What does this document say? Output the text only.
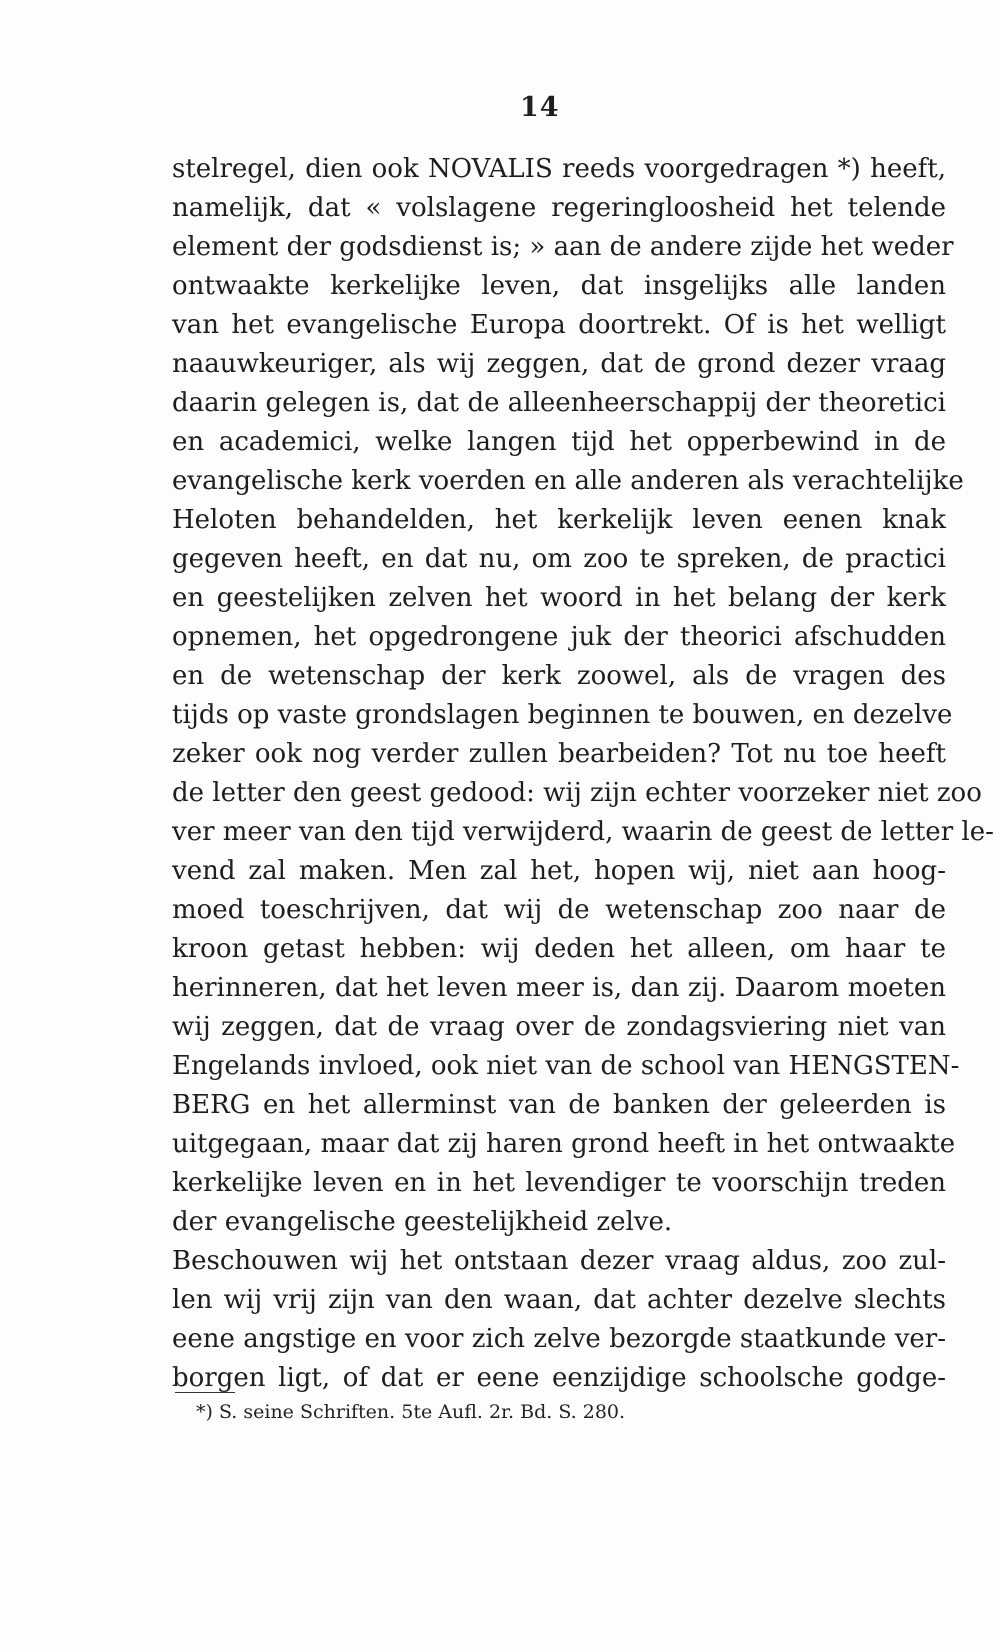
14
stelregel, dien ook NOVALIS reeds voorgedragen *) heeft,
namelijk, dat « volslagene regeringloosheid het telende
element der godsdienst is; » aan de andere zijde het weder
ontwaakte kerkelijke leven, dat insgelijks alle landen
van het evangelische Europa doortrekt. Of is het welligt
naauwkeuriger, als wij zeggen, dat de grond dezer vraag
daarin gelegen is, dat de alleenheerschappij der theoretici
en academici, welke langen tijd het opperbewind in de
evangelische kerk voerden en alle anderen als verachtelijke
Heloten behandelden, het kerkelijk leven eenen knak
gegeven heeft, en dat nu, om zoo te spreken, de practici
en geestelijken zelven het woord in het belang der kerk
opnemen, het opgedrongene juk der theorici afschudden
en de wetenschap der kerk zoowel, als de vragen des
tijds op vaste grondslagen beginnen te bouwen, en dezelve
zeker ook nog verder zullen bearbeiden? Tot nu toe heeft
de letter den geest gedood: wij zijn echter voorzeker niet zoo
ver meer van den tijd verwijderd, waarin de geest de letter le-
vend zal maken. Men zal het, hopen wij, niet aan hoog-
moed toeschrijven, dat wij de wetenschap zoo naar de
kroon getast hebben: wij deden het alleen, om haar te
herinneren, dat het leven meer is, dan zij. Daarom moeten
wij zeggen, dat de vraag over de zondagsviering niet van
Engelands invloed, ook niet van de school van HENGSTEN-
BERG en het allerminst van de banken der geleerden is
uitgegaan, maar dat zij haren grond heeft in het ontwaakte
kerkelijke leven en in het levendiger te voorschijn treden
der evangelische geestelijkheid zelve.
Beschouwen wij het ontstaan dezer vraag aldus, zoo zul-
len wij vrij zijn van den waan, dat achter dezelve slechts
eene angstige en voor zich zelve bezorgde staatkunde ver-
borgen ligt, of dat er eene eenzijdige schoolsche godge-
*) S. seine Schriften. 5te Aufl. 2r. Bd. S. 280.
